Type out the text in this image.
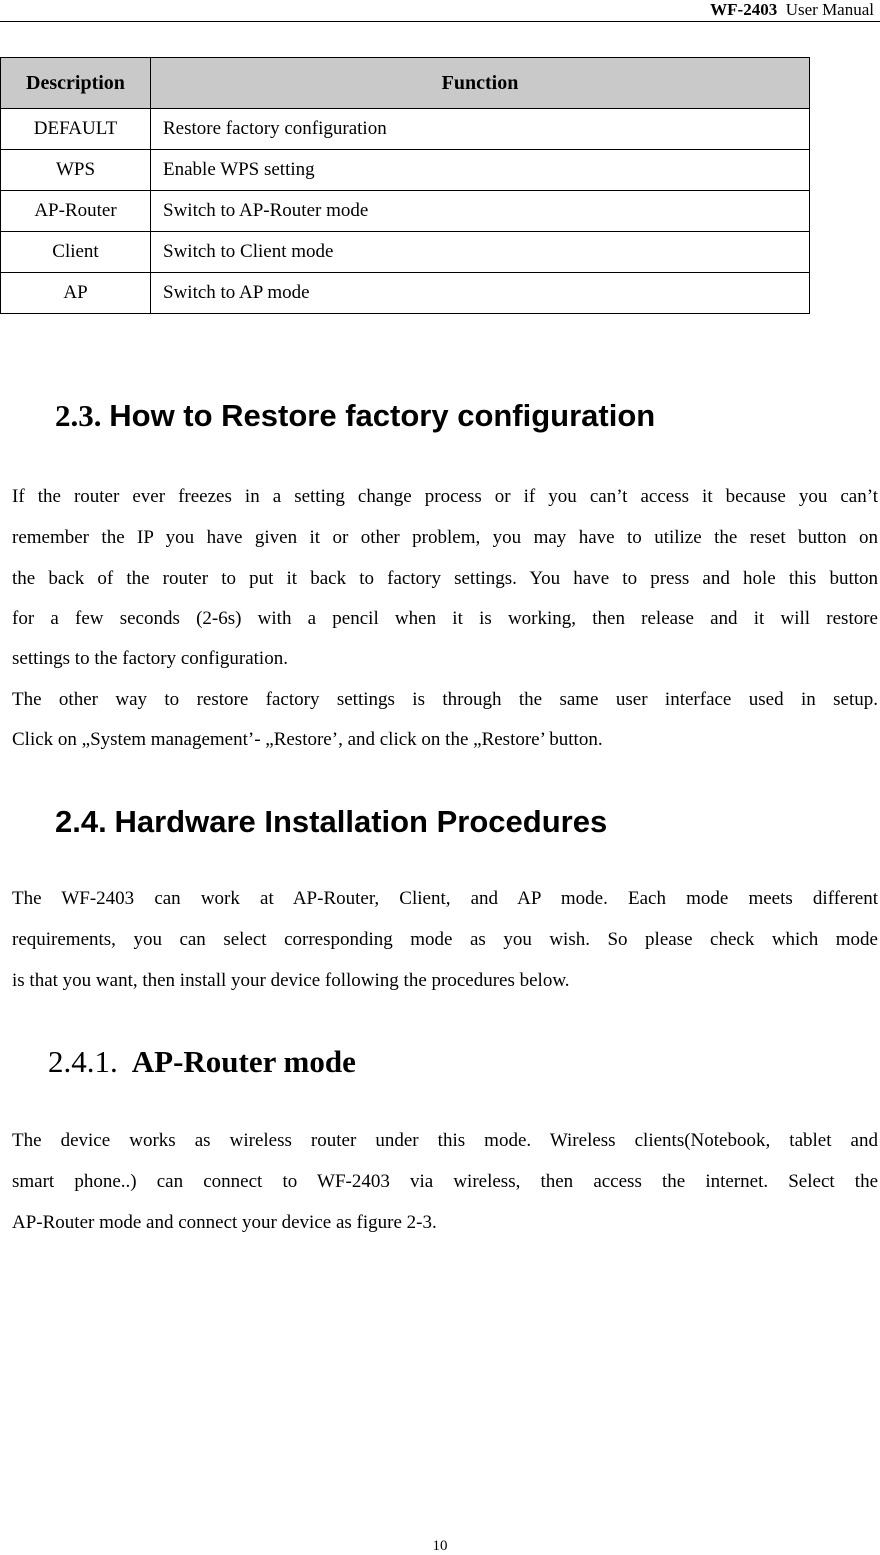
WF-2403 User Manual
Description	Function
DEFAULT	Restore factory configuration
WPS	Enable WPS setting
AP-Router	Switch to AP-Router mode
Client	Switch to Client mode
AP	Switch to AP mode
2.3. How to Restore factory configuration
If the router ever freezes in a setting change process or if you can’t access it because you can’t
remember the IP you have given it or other problem, you may have to utilize the reset button on
the back of the router to put it back to factory settings. You have to press and hole this button
for a few seconds (2-6s) with a pencil when it is working, then release and it will restore
settings to the factory configuration.
The other way to restore factory settings is through the same user interface used in setup.
Click on „System management’- „Restore’, and click on the „Restore’ button.
2.4. Hardware Installation Procedures
The WF-2403 can work at AP-Router, Client, and AP mode. Each mode meets different
requirements, you can select corresponding mode as you wish. So please check which mode
is that you want, then install your device following the procedures below.
2.4.1. AP-Router mode
The device works as wireless router under this mode. Wireless clients(Notebook, tablet and
smart phone..) can connect to WF-2403 via wireless, then access the internet. Select the
AP-Router mode and connect your device as figure 2-3.
10
